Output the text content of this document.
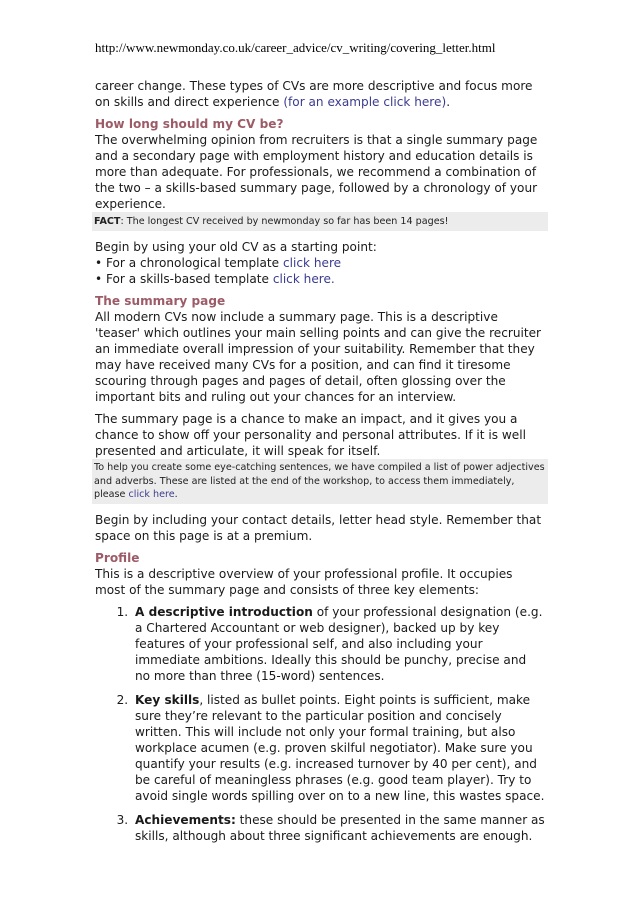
http://www.newmonday.co.uk/career_advice/cv_writing/covering_letter.html

career change. These types of CVs are more descriptive and focus more on skills and direct experience (for an example click here).

How long should my CV be?

The overwhelming opinion from recruiters is that a single summary page and a secondary page with employment history and education details is more than adequate. For professionals, we recommend a combination of the two – a skills-based summary page, followed by a chronology of your experience.

FACT: The longest CV received by newmonday so far has been 14 pages!

Begin by using your old CV as a starting point:

• For a chronological template click here

• For a skills-based template click here.

The summary page

All modern CVs now include a summary page. This is a descriptive 'teaser' which outlines your main selling points and can give the recruiter an immediate overall impression of your suitability. Remember that they may have received many CVs for a position, and can find it tiresome scouring through pages and pages of detail, often glossing over the important bits and ruling out your chances for an interview.

The summary page is a chance to make an impact, and it gives you a chance to show off your personality and personal attributes. If it is well presented and articulate, it will speak for itself.

To help you create some eye-catching sentences, we have compiled a list of power adjectives and adverbs. These are listed at the end of the workshop, to access them immediately, please click here.

Begin by including your contact details, letter head style. Remember that space on this page is at a premium.

Profile

This is a descriptive overview of your professional profile. It occupies most of the summary page and consists of three key elements:

1. A descriptive introduction of your professional designation (e.g. a Chartered Accountant or web designer), backed up by key features of your professional self, and also including your immediate ambitions. Ideally this should be punchy, precise and no more than three (15-word) sentences.
2. Key skills, listed as bullet points. Eight points is sufficient, make sure they’re relevant to the particular position and concisely written. This will include not only your formal training, but also workplace acumen (e.g. proven skilful negotiator). Make sure you quantify your results (e.g. increased turnover by 40 per cent), and be careful of meaningless phrases (e.g. good team player). Try to avoid single words spilling over on to a new line, this wastes space.
3. Achievements: these should be presented in the same manner as skills, although about three significant achievements are enough.
